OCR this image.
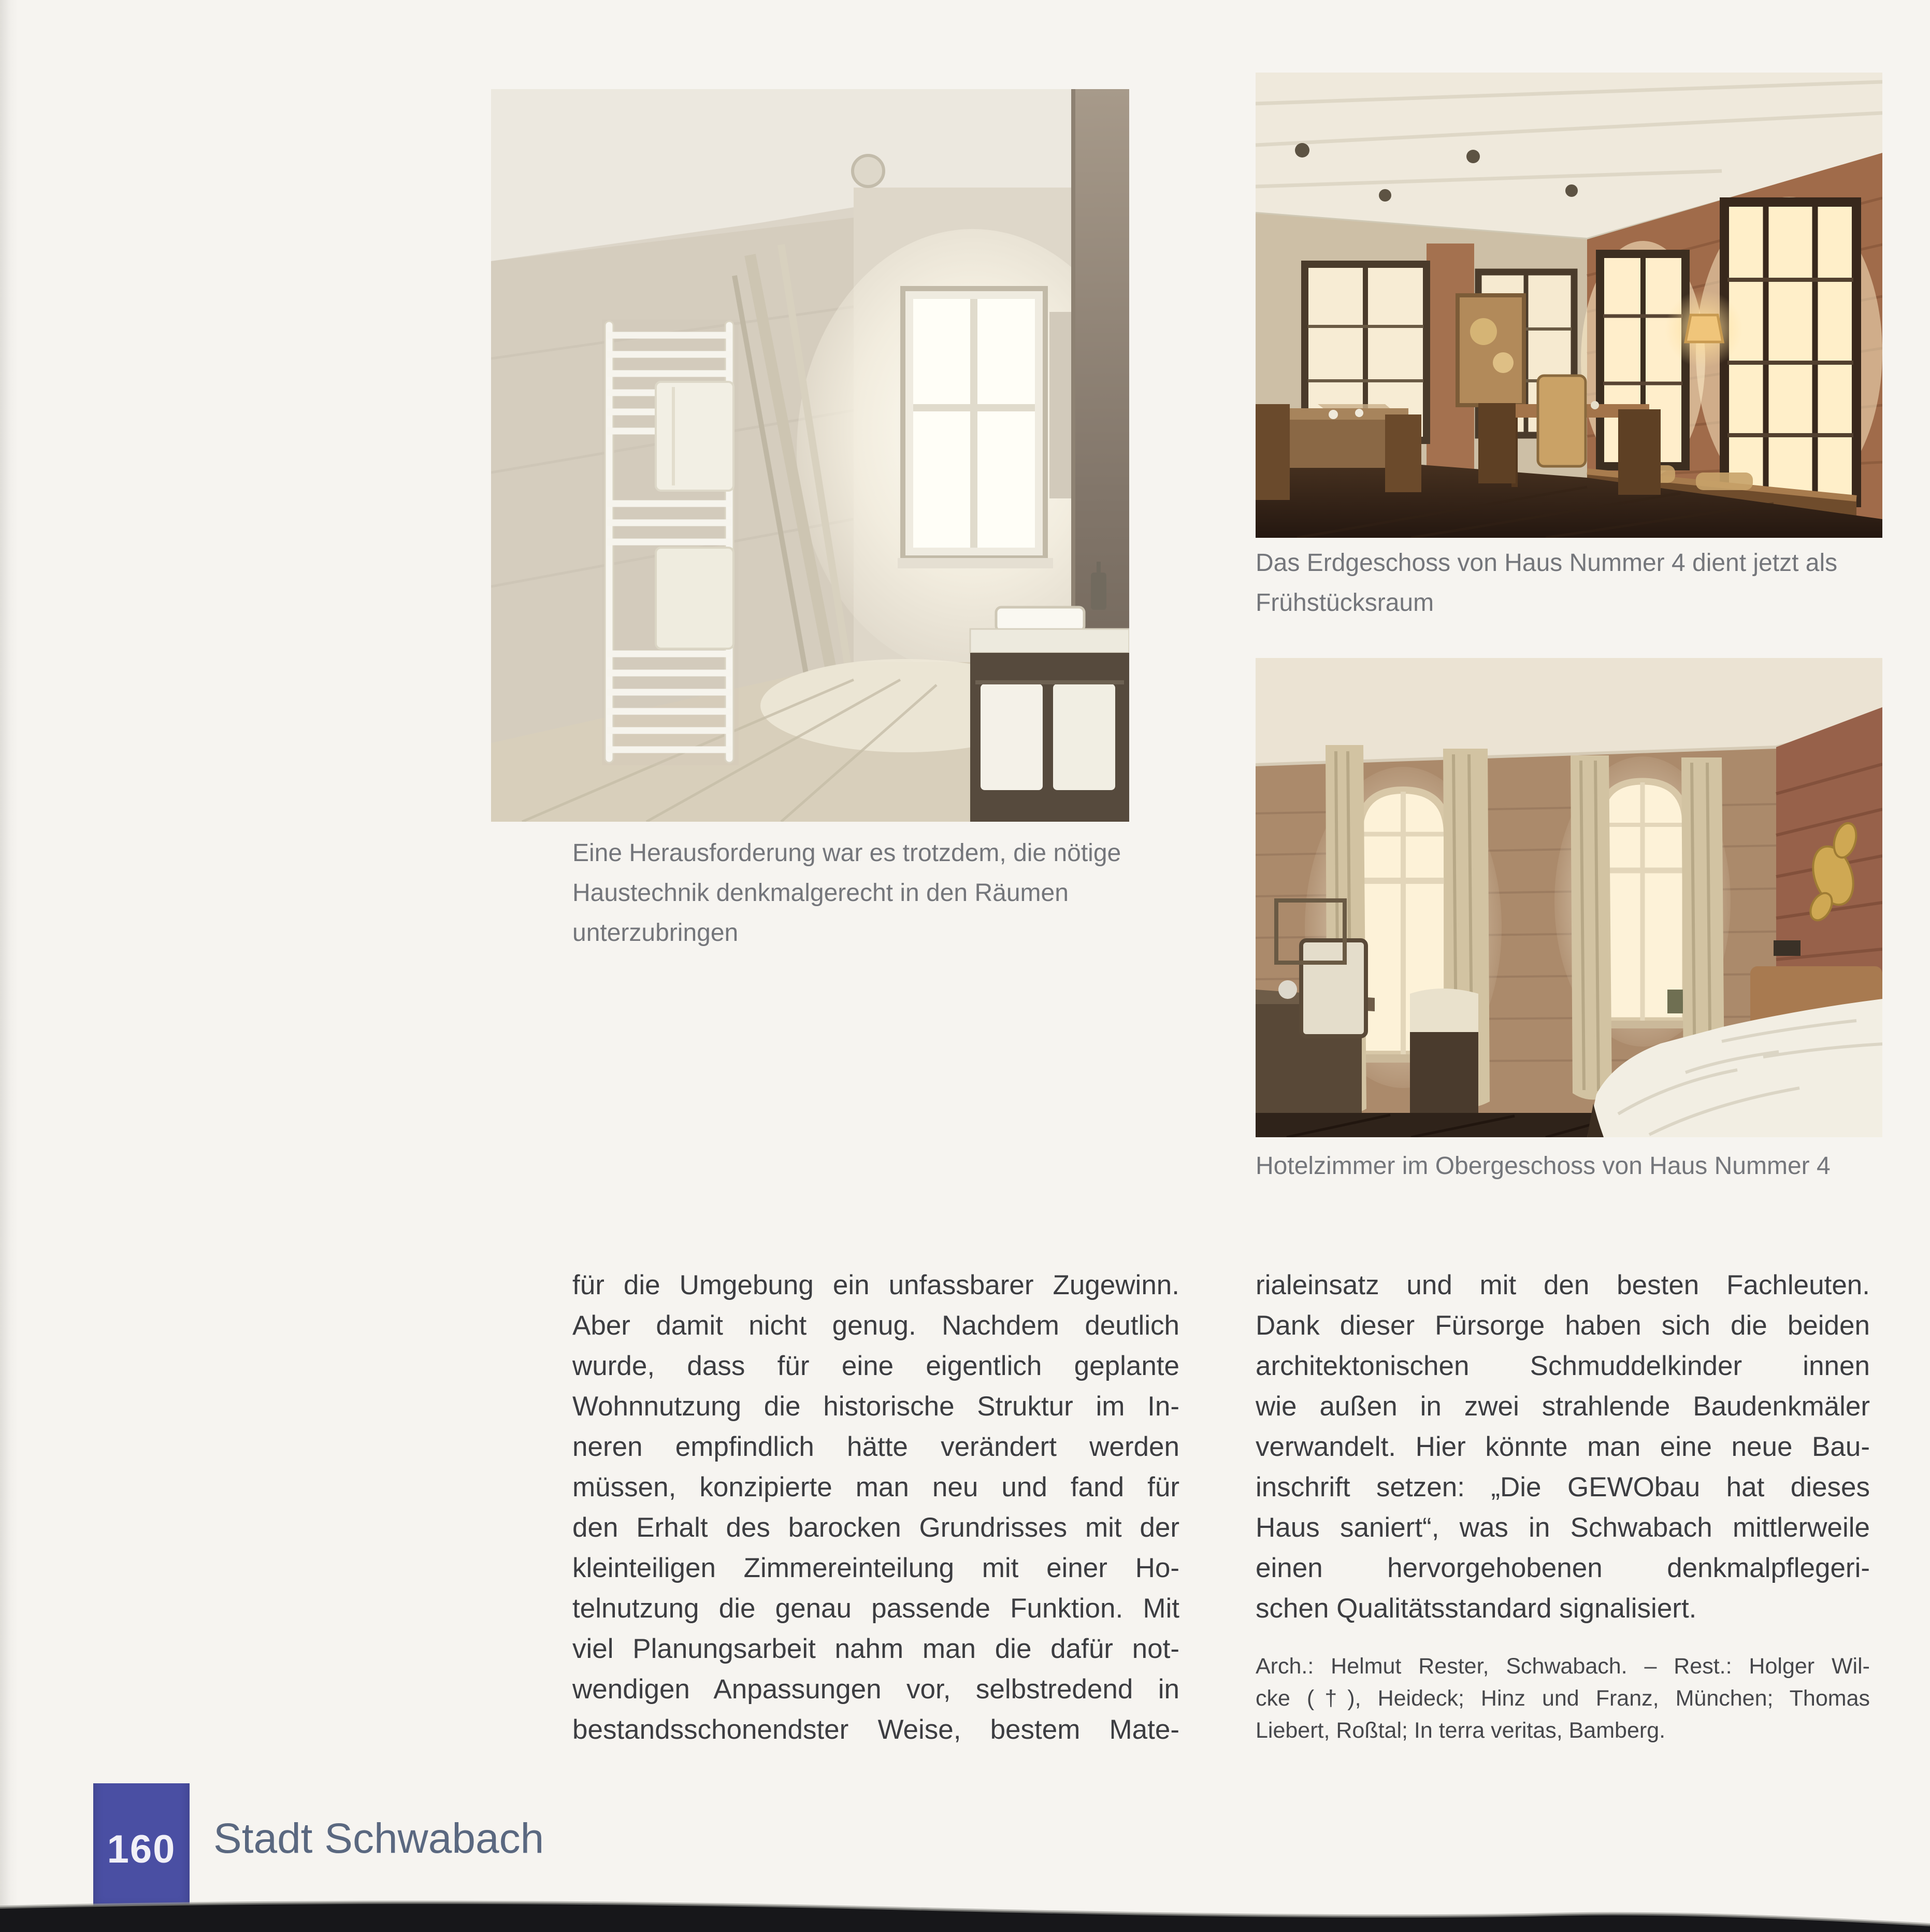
Eine Herausforderung war es trotzdem, die nötige
Haustechnik denkmalgerecht in den Räumen
unterzubringen
Das Erdgeschoss von Haus Nummer 4 dient jetzt als
Frühstücksraum
Hotelzimmer im Obergeschoss von Haus Nummer 4
für die Umgebung ein unfassbarer Zugewinn.
Aber damit nicht genug. Nachdem deutlich
wurde, dass für eine eigentlich geplante
Wohnnutzung die historische Struktur im In-
neren empfindlich hätte verändert werden
müssen, konzipierte man neu und fand für
den Erhalt des barocken Grundrisses mit der
kleinteiligen Zimmereinteilung mit einer Ho-
telnutzung die genau passende Funktion. Mit
viel Planungsarbeit nahm man die dafür not-
wendigen Anpassungen vor, selbstredend in
bestandsschonendster Weise, bestem Mate-
rialeinsatz und mit den besten Fachleuten.
Dank dieser Fürsorge haben sich die beiden
architektonischen Schmuddelkinder innen
wie außen in zwei strahlende Baudenkmäler
verwandelt. Hier könnte man eine neue Bau-
inschrift setzen: „Die GEWObau hat dieses
Haus saniert“, was in Schwabach mittlerweile
einen hervorgehobenen denkmalpflegeri-
schen Qualitätsstandard signalisiert.
Arch.: Helmut Rester, Schwabach. – Rest.: Holger Wil-
cke (†), Heideck; Hinz und Franz, München; Thomas
Liebert, Roßtal; In terra veritas, Bamberg.
160 Stadt Schwabach
